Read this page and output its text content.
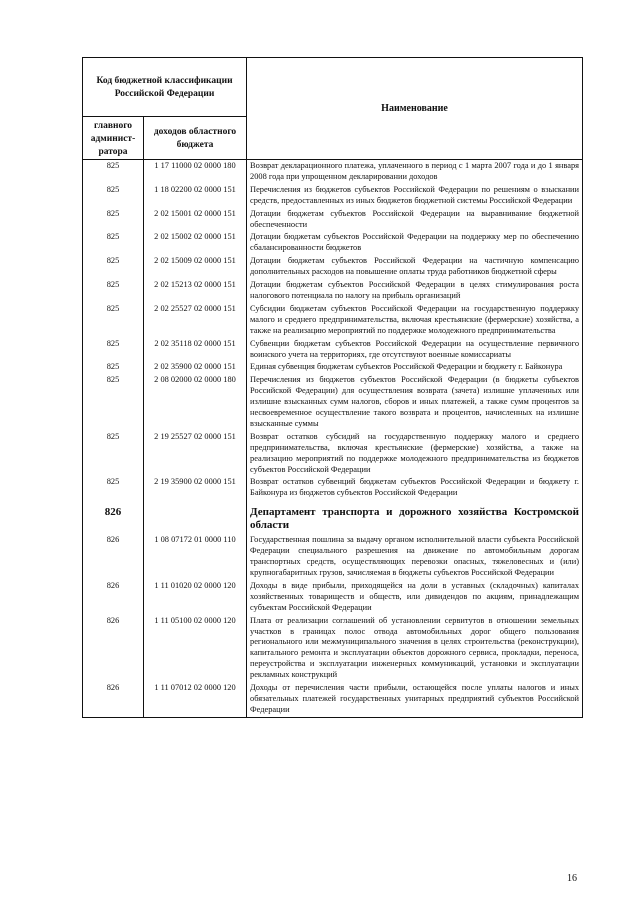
Код бюджетной классификации Российской Федерации		Наименование
главного админист-ратора	доходов областного бюджета	
825	1 17 11000 02 0000 180	Возврат декларационного платежа, уплаченного в период с 1 марта 2007 года и до 1 января 2008 года при упрощенном декларировании доходов
825	1 18 02200 02 0000 151	Перечисления из бюджетов субъектов Российской Федерации по решениям о взыскании средств, предоставленных из иных бюджетов бюджетной системы Российской Федерации
825	2 02 15001 02 0000 151	Дотации бюджетам субъектов Российской Федерации на выравнивание бюджетной обеспеченности
825	2 02 15002 02 0000 151	Дотации бюджетам субъектов Российской Федерации на поддержку мер по обеспечению сбалансированности бюджетов
825	2 02 15009 02 0000 151	Дотации бюджетам субъектов Российской Федерации на частичную компенсацию дополнительных расходов на повышение оплаты труда работников бюджетной сферы
825	2 02 15213 02 0000 151	Дотации бюджетам субъектов Российской Федерации в целях стимулирования роста налогового потенциала по налогу на прибыль организаций
825	2 02 25527 02 0000 151	Субсидии бюджетам субъектов Российской Федерации на государственную поддержку малого и среднего предпринимательства, включая крестьянские (фермерские) хозяйства, а также на реализацию мероприятий по поддержке молодежного предпринимательства
825	2 02 35118 02 0000 151	Субвенции бюджетам субъектов Российской Федерации на осуществление первичного воинского учета на территориях, где отсутствуют военные комиссариаты
825	2 02 35900 02 0000 151	Единая субвенция бюджетам субъектов Российской Федерации и бюджету г. Байконура
825	2 08 02000 02 0000 180	Перечисления из бюджетов субъектов Российской Федерации (в бюджеты субъектов Российской Федерации) для осуществления возврата (зачета) излишне уплаченных или излишне взысканных сумм налогов, сборов и иных платежей, а также сумм процентов за несвоевременное осуществление такого возврата и процентов, начисленных на излишне взысканные суммы
825	2 19 25527 02 0000 151	Возврат остатков субсидий на государственную поддержку малого и среднего предпринимательства, включая крестьянские (фермерские) хозяйства, а также на реализацию мероприятий по поддержке молодежного предпринимательства из бюджетов субъектов Российской Федерации
825	2 19 35900 02 0000 151	Возврат остатков субвенций бюджетам субъектов Российской Федерации и бюджету г. Байконура из бюджетов субъектов Российской Федерации
826		Департамент транспорта и дорожного хозяйства Костромской области
826	1 08 07172 01 0000 110	Государственная пошлина за выдачу органом исполнительной власти субъекта Российской Федерации специального разрешения на движение по автомобильным дорогам транспортных средств, осуществляющих перевозки опасных, тяжеловесных и (или) крупногабаритных грузов, зачисляемая в бюджеты субъектов Российской Федерации
826	1 11 01020 02 0000 120	Доходы в виде прибыли, приходящейся на доли в уставных (складочных) капиталах хозяйственных товариществ и обществ, или дивидендов по акциям, принадлежащим субъектам Российской Федерации
826	1 11 05100 02 0000 120	Плата от реализации соглашений об установлении сервитутов в отношении земельных участков в границах полос отвода автомобильных дорог общего пользования регионального или межмуниципального значения в целях строительства (реконструкции), капитального ремонта и эксплуатации объектов дорожного сервиса, прокладки, переноса, переустройства и эксплуатации инженерных коммуникаций, установки и эксплуатации рекламных конструкций
826	1 11 07012 02 0000 120	Доходы от перечисления части прибыли, остающейся после уплаты налогов и иных обязательных платежей государственных унитарных предприятий субъектов Российской Федерации
16
